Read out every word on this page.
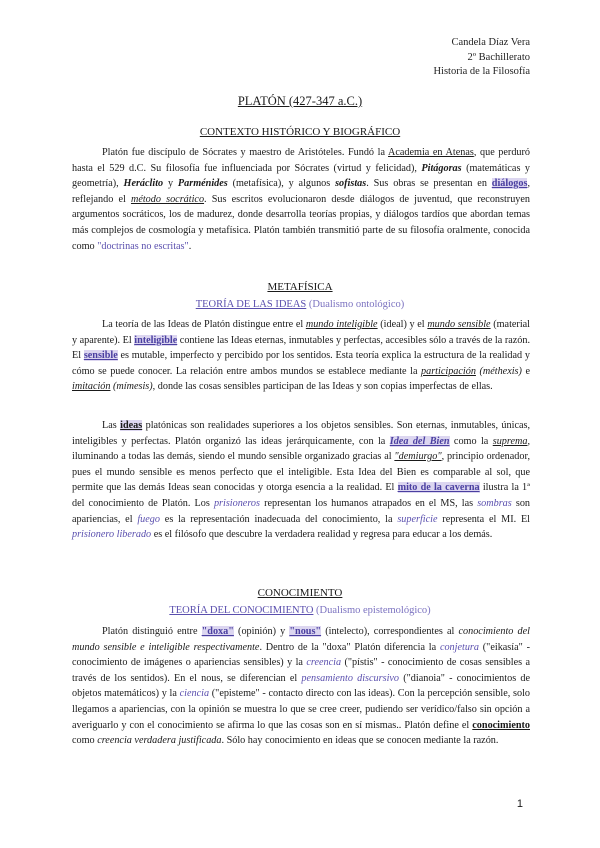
Candela Díaz Vera
2º Bachillerato
Historia de la Filosofía
PLATÓN (427-347 a.C.)
CONTEXTO HISTÓRICO Y BIOGRÁFICO

Platón fue discípulo de Sócrates y maestro de Aristóteles. Fundó la Academia en Atenas, que perduró hasta el 529 d.C. Su filosofía fue influenciada por Sócrates (virtud y felicidad), Pitágoras (matemáticas y geometría), Heráclito y Parménides (metafísica), y algunos sofistas. Sus obras se presentan en diálogos, reflejando el método socrático. Sus escritos evolucionaron desde diálogos de juventud, que reconstruyen argumentos socráticos, los de madurez, donde desarrolla teorías propias, y diálogos tardíos que abordan temas más complejos de cosmología y metafísica. Platón también transmitió parte de su filosofía oralmente, conocida como "doctrinas no escritas".

METAFÍSICA
TEORÍA DE LAS IDEAS (Dualismo ontológico)

La teoría de las Ideas de Platón distingue entre el mundo inteligible (ideal) y el mundo sensible (material y aparente). El inteligible contiene las Ideas eternas, inmutables y perfectas, accesibles sólo a través de la razón. El sensible es mutable, imperfecto y percibido por los sentidos. Esta teoría explica la estructura de la realidad y cómo se puede conocer. La relación entre ambos mundos se establece mediante la participación (méthexis) e imitación (mímesis), donde las cosas sensibles participan de las Ideas y son copias imperfectas de ellas.

Las ideas platónicas son realidades superiores a los objetos sensibles. Son eternas, inmutables, únicas, inteligibles y perfectas. Platón organizó las ideas jerárquicamente, con la Idea del Bien como la suprema, iluminando a todas las demás, siendo el mundo sensible organizado gracias al "demiurgo", principio ordenador, pues el mundo sensible es menos perfecto que el inteligible. Esta Idea del Bien es comparable al sol, que permite que las demás Ideas sean conocidas y otorga esencia a la realidad. El mito de la caverna ilustra la 1ª del conocimiento de Platón. Los prisioneros representan los humanos atrapados en el MS, las sombras son apariencias, el fuego es la representación inadecuada del conocimiento, la superficie representa el MI. El prisionero liberado es el filósofo que descubre la verdadera realidad y regresa para educar a los demás.

CONOCIMIENTO
TEORÍA DEL CONOCIMIENTO (Dualismo epistemológico)

Platón distinguió entre "doxa" (opinión) y "nous" (intelecto), correspondientes al conocimiento del mundo sensible e inteligible respectivamente. Dentro de la "doxa" Platón diferencia la conjetura ("eikasía" - conocimiento de imágenes o apariencias sensibles) y la creencia ("pístis" - conocimiento de cosas sensibles a través de los sentidos). En el nous, se diferencian el pensamiento discursivo ("dianoia" - conocimientos de objetos matemáticos) y la ciencia ("episteme" - contacto directo con las ideas). Con la percepción sensible, solo llegamos a apariencias, con la opinión se muestra lo que se cree creer, pudiendo ser verídico/falso sin opción a averiguarlo y con el conocimiento se afirma lo que las cosas son en sí mismas.. Platón define el conocimiento como creencia verdadera justificada. Sólo hay conocimiento en ideas que se conocen mediante la razón.

1
